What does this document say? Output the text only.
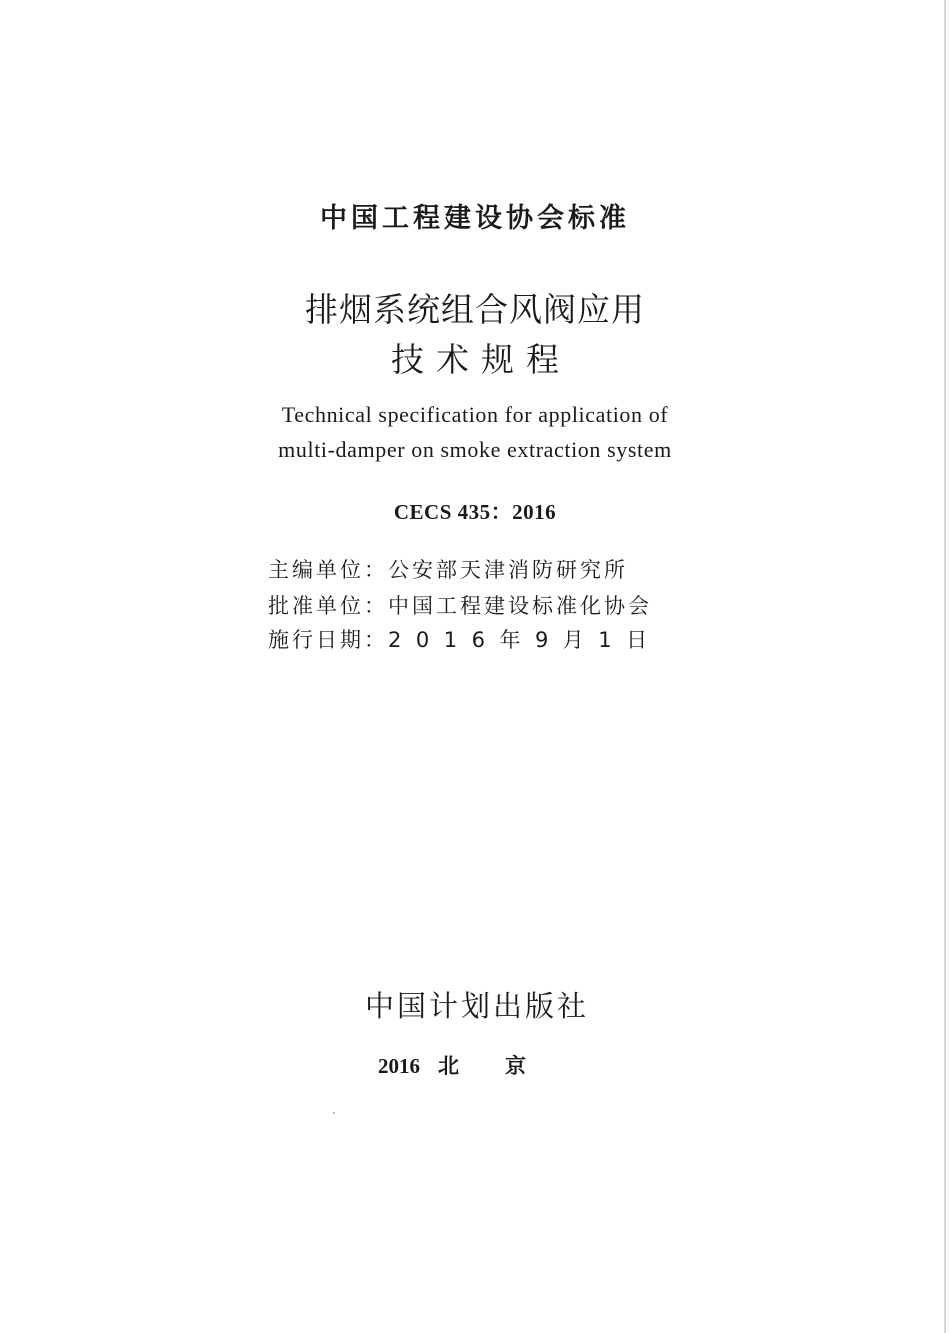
中国工程建设协会标准
排烟系统组合风阀应用
技术规程
Technical specification for application of
multi-damper on smoke extraction system
CECS 435：2016
主编单位：公安部天津消防研究所
批准单位：中国工程建设标准化协会
施行日期：2016年9月1日
中国计划出版社
2016 北京
